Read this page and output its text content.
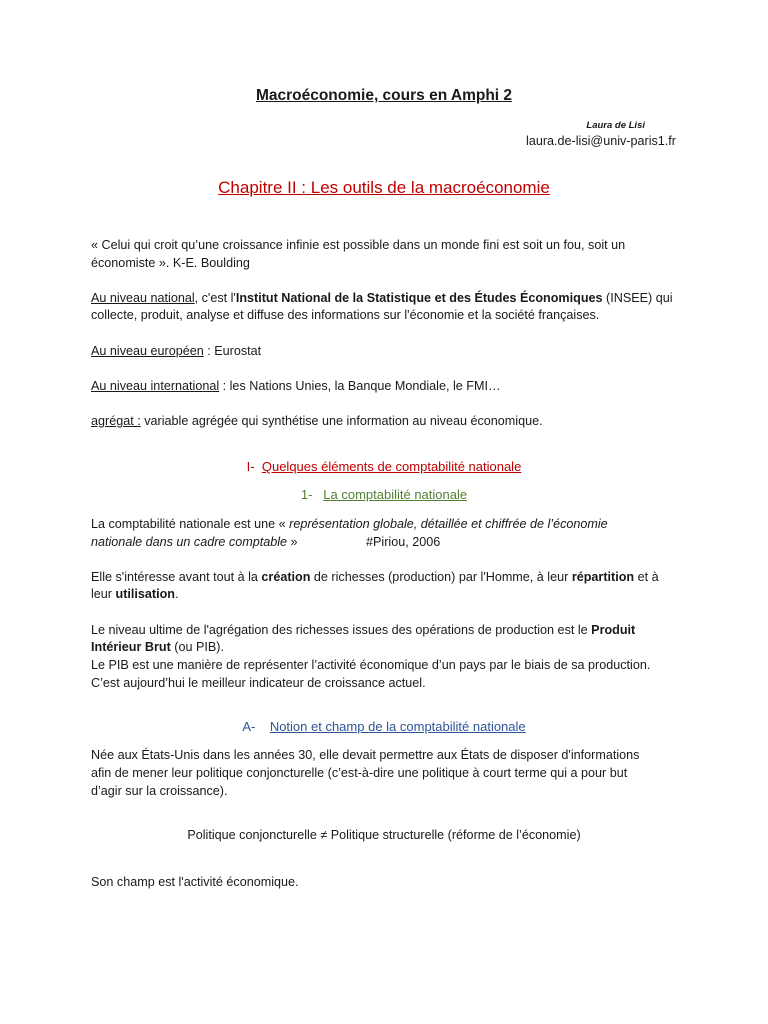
Macroéconomie, cours en Amphi 2
Laura de Lisi
laura.de-lisi@univ-paris1.fr
Chapitre II : Les outils de la macroéconomie
« Celui qui croit qu’une croissance infinie est possible dans un monde fini est soit un fou, soit un
économiste ». K-E. Boulding
Au niveau national, c'est l'Institut National de la Statistique et des Études Économiques (INSEE) qui
collecte, produit, analyse et diffuse des informations sur l'économie et la société françaises.
Au niveau européen : Eurostat
Au niveau international : les Nations Unies, la Banque Mondiale, le FMI…
agrégat : variable agrégée qui synthétise une information au niveau économique.
I- Quelques éléments de comptabilité nationale
1- La comptabilité nationale
La comptabilité nationale est une « représentation globale, détaillée et chiffrée de l’économie
nationale dans un cadre comptable »	#Piriou, 2006
Elle s'intéresse avant tout à la création de richesses (production) par l'Homme, à leur répartition et à
leur utilisation.
Le niveau ultime de l'agrégation des richesses issues des opérations de production est le Produit
Intérieur Brut (ou PIB).
Le PIB est une manière de représenter l’activité économique d’un pays par le biais de sa production.
C’est aujourd’hui le meilleur indicateur de croissance actuel.
A- Notion et champ de la comptabilité nationale
Née aux États-Unis dans les années 30, elle devait permettre aux États de disposer d'informations
afin de mener leur politique conjoncturelle (c’est-à-dire une politique à court terme qui a pour but
d’agir sur la croissance).
Politique conjoncturelle ≠ Politique structurelle (réforme de l’économie)
Son champ est l'activité économique.
